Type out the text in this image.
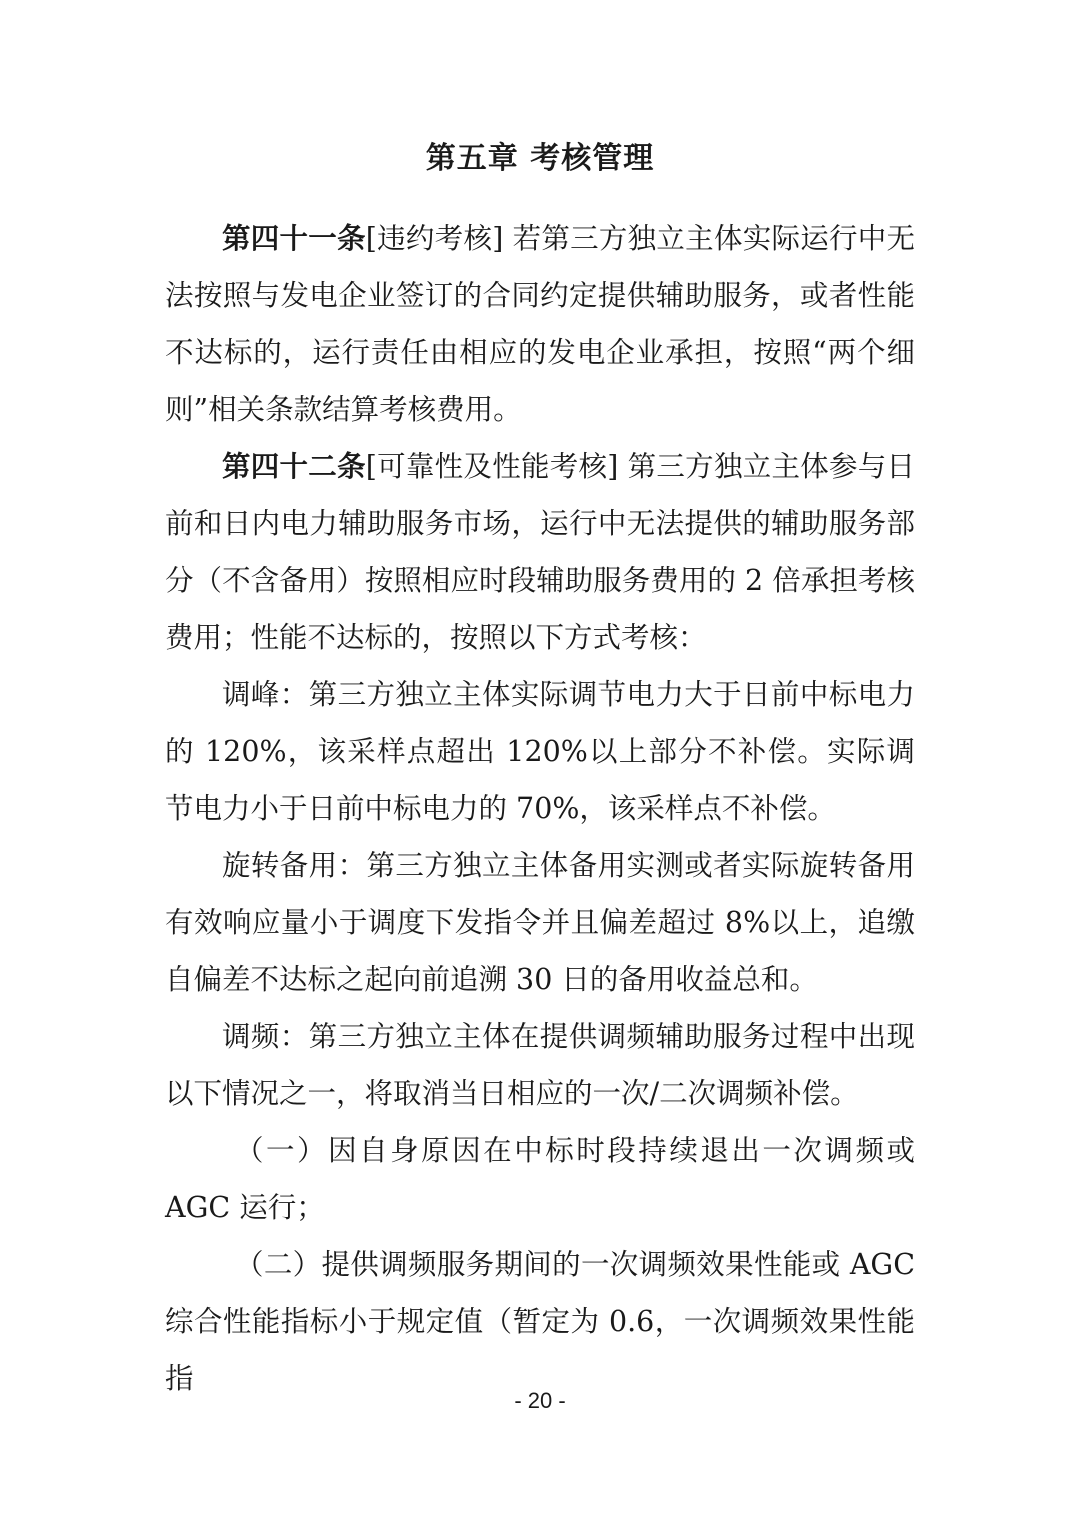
第五章 考核管理

第四十一条[违约考核] 若第三方独立主体实际运行中无法按照与发电企业签订的合同约定提供辅助服务，或者性能不达标的，运行责任由相应的发电企业承担，按照“两个细则”相关条款结算考核费用。

第四十二条[可靠性及性能考核] 第三方独立主体参与日前和日内电力辅助服务市场，运行中无法提供的辅助服务部分（不含备用）按照相应时段辅助服务费用的 2 倍承担考核费用；性能不达标的，按照以下方式考核：

调峰：第三方独立主体实际调节电力大于日前中标电力的 120%，该采样点超出 120%以上部分不补偿。实际调节电力小于日前中标电力的 70%，该采样点不补偿。

旋转备用：第三方独立主体备用实测或者实际旋转备用有效响应量小于调度下发指令并且偏差超过 8%以上，追缴自偏差不达标之起向前追溯 30 日的备用收益总和。

调频：第三方独立主体在提供调频辅助服务过程中出现以下情况之一，将取消当日相应的一次/二次调频补偿。

（一）因自身原因在中标时段持续退出一次调频或 AGC 运行；

（二）提供调频服务期间的一次调频效果性能或 AGC 综合性能指标小于规定值（暂定为 0.6，一次调频效果性能指

- 20 -
